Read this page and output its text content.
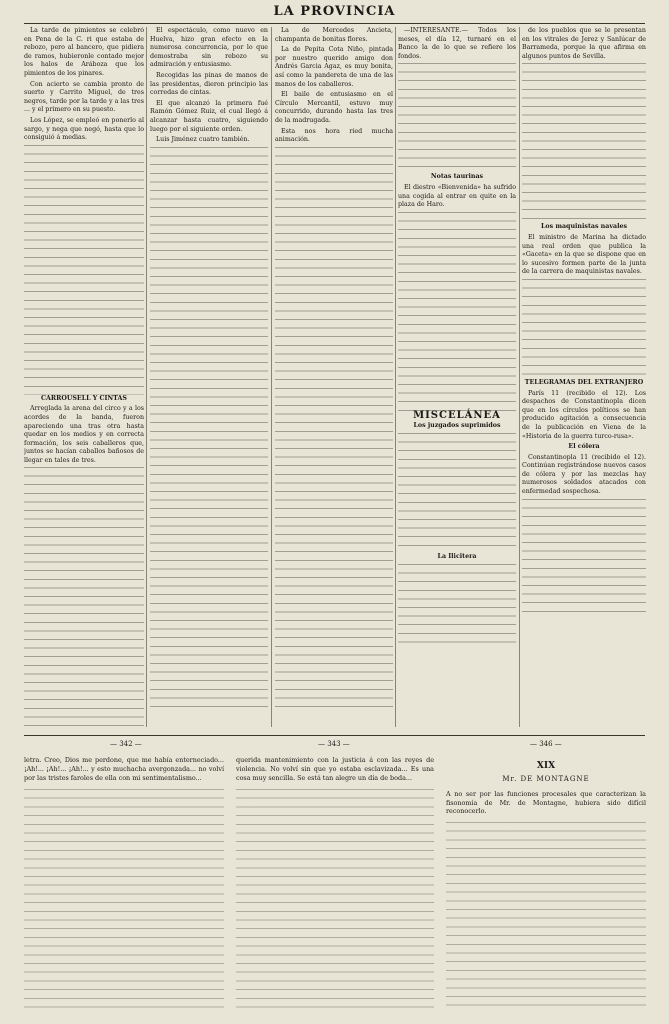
LA PROVINCIA

La tarde de pimientos se celebró en Pena de la C. ri que estaba de rebozo, pero al bancero, que pidiera de ramos, hubieronle contado mejor los halos de Aráboza que los pimientos de los pinares.

Con acierto se cambia pronto de suerto y Carrito Miguel, de tres negros, tarde por la tarde y a las tres ... y el primero en su puesto.

Los López, se empleó en ponerlo al sargo, y nega que negó, hasta que lo consiguió á medias.

CARROUSELL Y CINTAS

Arreglada la arena del circo y a los acordes de la banda, fueron apareciendo una tras otra hasta quedar en los medios y en correcta formación, los seis caballeros que, juntos se hacían caballos bañosos de llegar en tales de tres.

El espectáculo, como nuevo en Huelva, hizo gran efecto en la numerosa concurrencia, por lo que demostraba sin rebozo su admiración y entusiasmo.

Recogidas las pinas de manos de las presidentas, dieron principio las corredas de cintas.

El que alcanzó la primera fué Ramón Gómez Ruiz, el cual llegó á alcanzar hasta cuatro, siguiendo luego por el siguiente orden.

Luis Jiménez cuatro también.

La de Mercedes Ancieta, champanta de bonitas flores.

La de Pepita Cota Niño, pintada por nuestro querido amigo don Andrés Garcia Agaz, es muy bonita, así como la pandereta de una de las manos de los caballeros.

El baile de entusiasmo en el Círculo Mercantil, estuvo muy concurrido, durando hasta las tres de la madrugada.

Esta nos hora ried mucha animación.

—INTERESANTE.— Todos los meses, el día 12, turnaré en el Banco la de lo que se refiere los fondos.

Notas taurinas

El diestro «Bienvenida» ha sufrido una cogida al entrar en quite en la plaza de Haro.

MISCELÁNEA

Los juzgados suprimidos

La Ilicitera

de los pueblos que se le presentan en los vitrales de Jerez y Sanlúcar de Barrameda, porque la que afirma en algunos puntos de Sevilla.

Los maquinistas navales

El ministro de Marina ha dictado una real orden que publica la «Gaceta» en la que se dispone que en lo sucesivo formen parte de la junta de la carrera de maquinistas navales.

TELEGRAMAS DEL EXTRANJERO

París 11 (recibido el 12). Los despachos de Constantinopla dicen que en los círculos políticos se han producido agitación a consecuencia de la publicación en Viena de la «Historia de la guerra turco-rusa».

El cólera

Constantinopla 11 (recibido el 12). Continúan registrándose nuevos casos de cólera y por las mezclas hay numerosos soldados atacados con enfermedad sospechosa.

— 342 —	— 343 —	— 346 —

letra. Creo, Dios me perdone, que me había enterneciado... ¡Ah!... ¡Ah!... ¡Ah!... y esto muchacha avergonzada... no volví por las tristes faroles de ella con mi sentimentalismo...

querida mantenimiento con la justicia á con las reyes de violencia. No volví sin que yo estaba esclavizada... Es una cosa muy sencilla. Se está tan alegre un día de boda...

XIX
Mr. DE MONTAGNE

A no ser por las funciones procesales que caracterizan la fisonomía de Mr. de Montagne, hubiera sido difícil reconocerlo.
